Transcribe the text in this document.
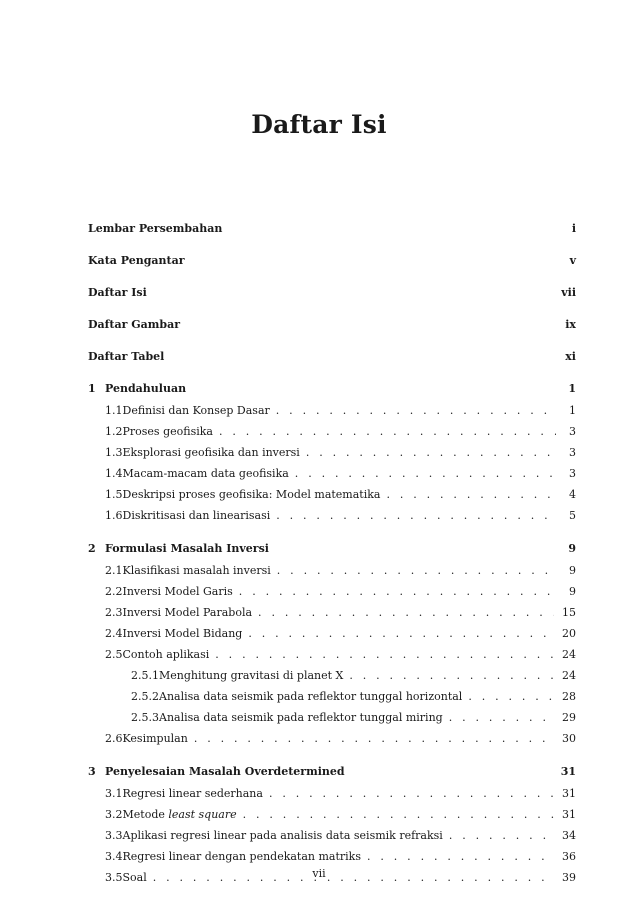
Daftar Isi
Lembar Persembahan	i
Kata Pengantar	v
Daftar Isi	vii
Daftar Gambar	ix
Daftar Tabel	xi
1 Pendahuluan	1
1.1 Definisi dan Konsep Dasar . . .	1
1.2 Proses geofisika . . .	3
1.3 Eksplorasi geofisika dan inversi . . .	3
1.4 Macam-macam data geofisika . . .	3
1.5 Deskripsi proses geofisika: Model matematika . . .	4
1.6 Diskritisasi dan linearisasi . . .	5
2 Formulasi Masalah Inversi	9
2.1 Klasifikasi masalah inversi . . .	9
2.2 Inversi Model Garis . . .	9
2.3 Inversi Model Parabola . . .	15
2.4 Inversi Model Bidang . . .	20
2.5 Contoh aplikasi . . .	24
2.5.1 Menghitung gravitasi di planet X . . .	24
2.5.2 Analisa data seismik pada reflektor tunggal horizontal . . .	28
2.5.3 Analisa data seismik pada reflektor tunggal miring . . .	29
2.6 Kesimpulan . . .	30
3 Penyelesaian Masalah Overdetermined	31
3.1 Regresi linear sederhana . . .	31
3.2 Metode least square . . .	31
3.3 Aplikasi regresi linear pada analisis data seismik refraksi . . .	34
3.4 Regresi linear dengan pendekatan matriks . . .	36
3.5 Soal . . .	39
vii
